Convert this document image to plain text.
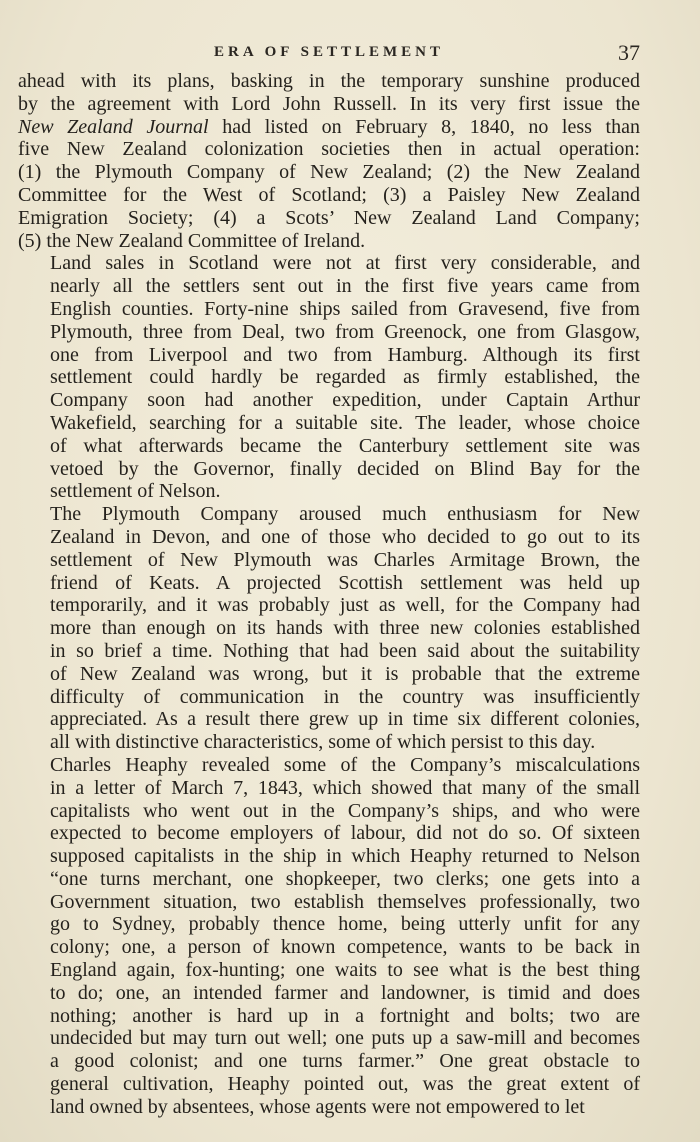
ERA OF SETTLEMENT	37

ahead with its plans, basking in the temporary sunshine produced
by the agreement with Lord John Russell. In its very first issue the
New Zealand Journal had listed on February 8, 1840, no less than
five New Zealand colonization societies then in actual operation:
(1) the Plymouth Company of New Zealand; (2) the New Zealand
Committee for the West of Scotland; (3) a Paisley New Zealand
Emigration Society; (4) a Scots’ New Zealand Land Company;
(5) the New Zealand Committee of Ireland.

Land sales in Scotland were not at first very considerable, and
nearly all the settlers sent out in the first five years came from
English counties. Forty-nine ships sailed from Gravesend, five from
Plymouth, three from Deal, two from Greenock, one from Glasgow,
one from Liverpool and two from Hamburg. Although its first
settlement could hardly be regarded as firmly established, the
Company soon had another expedition, under Captain Arthur
Wakefield, searching for a suitable site. The leader, whose choice
of what afterwards became the Canterbury settlement site was
vetoed by the Governor, finally decided on Blind Bay for the
settlement of Nelson.

The Plymouth Company aroused much enthusiasm for New
Zealand in Devon, and one of those who decided to go out to its
settlement of New Plymouth was Charles Armitage Brown, the
friend of Keats. A projected Scottish settlement was held up
temporarily, and it was probably just as well, for the Company had
more than enough on its hands with three new colonies established
in so brief a time. Nothing that had been said about the suitability
of New Zealand was wrong, but it is probable that the extreme
difficulty of communication in the country was insufficiently
appreciated. As a result there grew up in time six different colonies,
all with distinctive characteristics, some of which persist to this day.

Charles Heaphy revealed some of the Company’s miscalculations
in a letter of March 7, 1843, which showed that many of the small
capitalists who went out in the Company’s ships, and who were
expected to become employers of labour, did not do so. Of sixteen
supposed capitalists in the ship in which Heaphy returned to Nelson
“one turns merchant, one shopkeeper, two clerks; one gets into a
Government situation, two establish themselves professionally, two
go to Sydney, probably thence home, being utterly unfit for any
colony; one, a person of known competence, wants to be back in
England again, fox-hunting; one waits to see what is the best thing
to do; one, an intended farmer and landowner, is timid and does
nothing; another is hard up in a fortnight and bolts; two are
undecided but may turn out well; one puts up a saw-mill and becomes
a good colonist; and one turns farmer.” One great obstacle to
general cultivation, Heaphy pointed out, was the great extent of
land owned by absentees, whose agents were not empowered to let
